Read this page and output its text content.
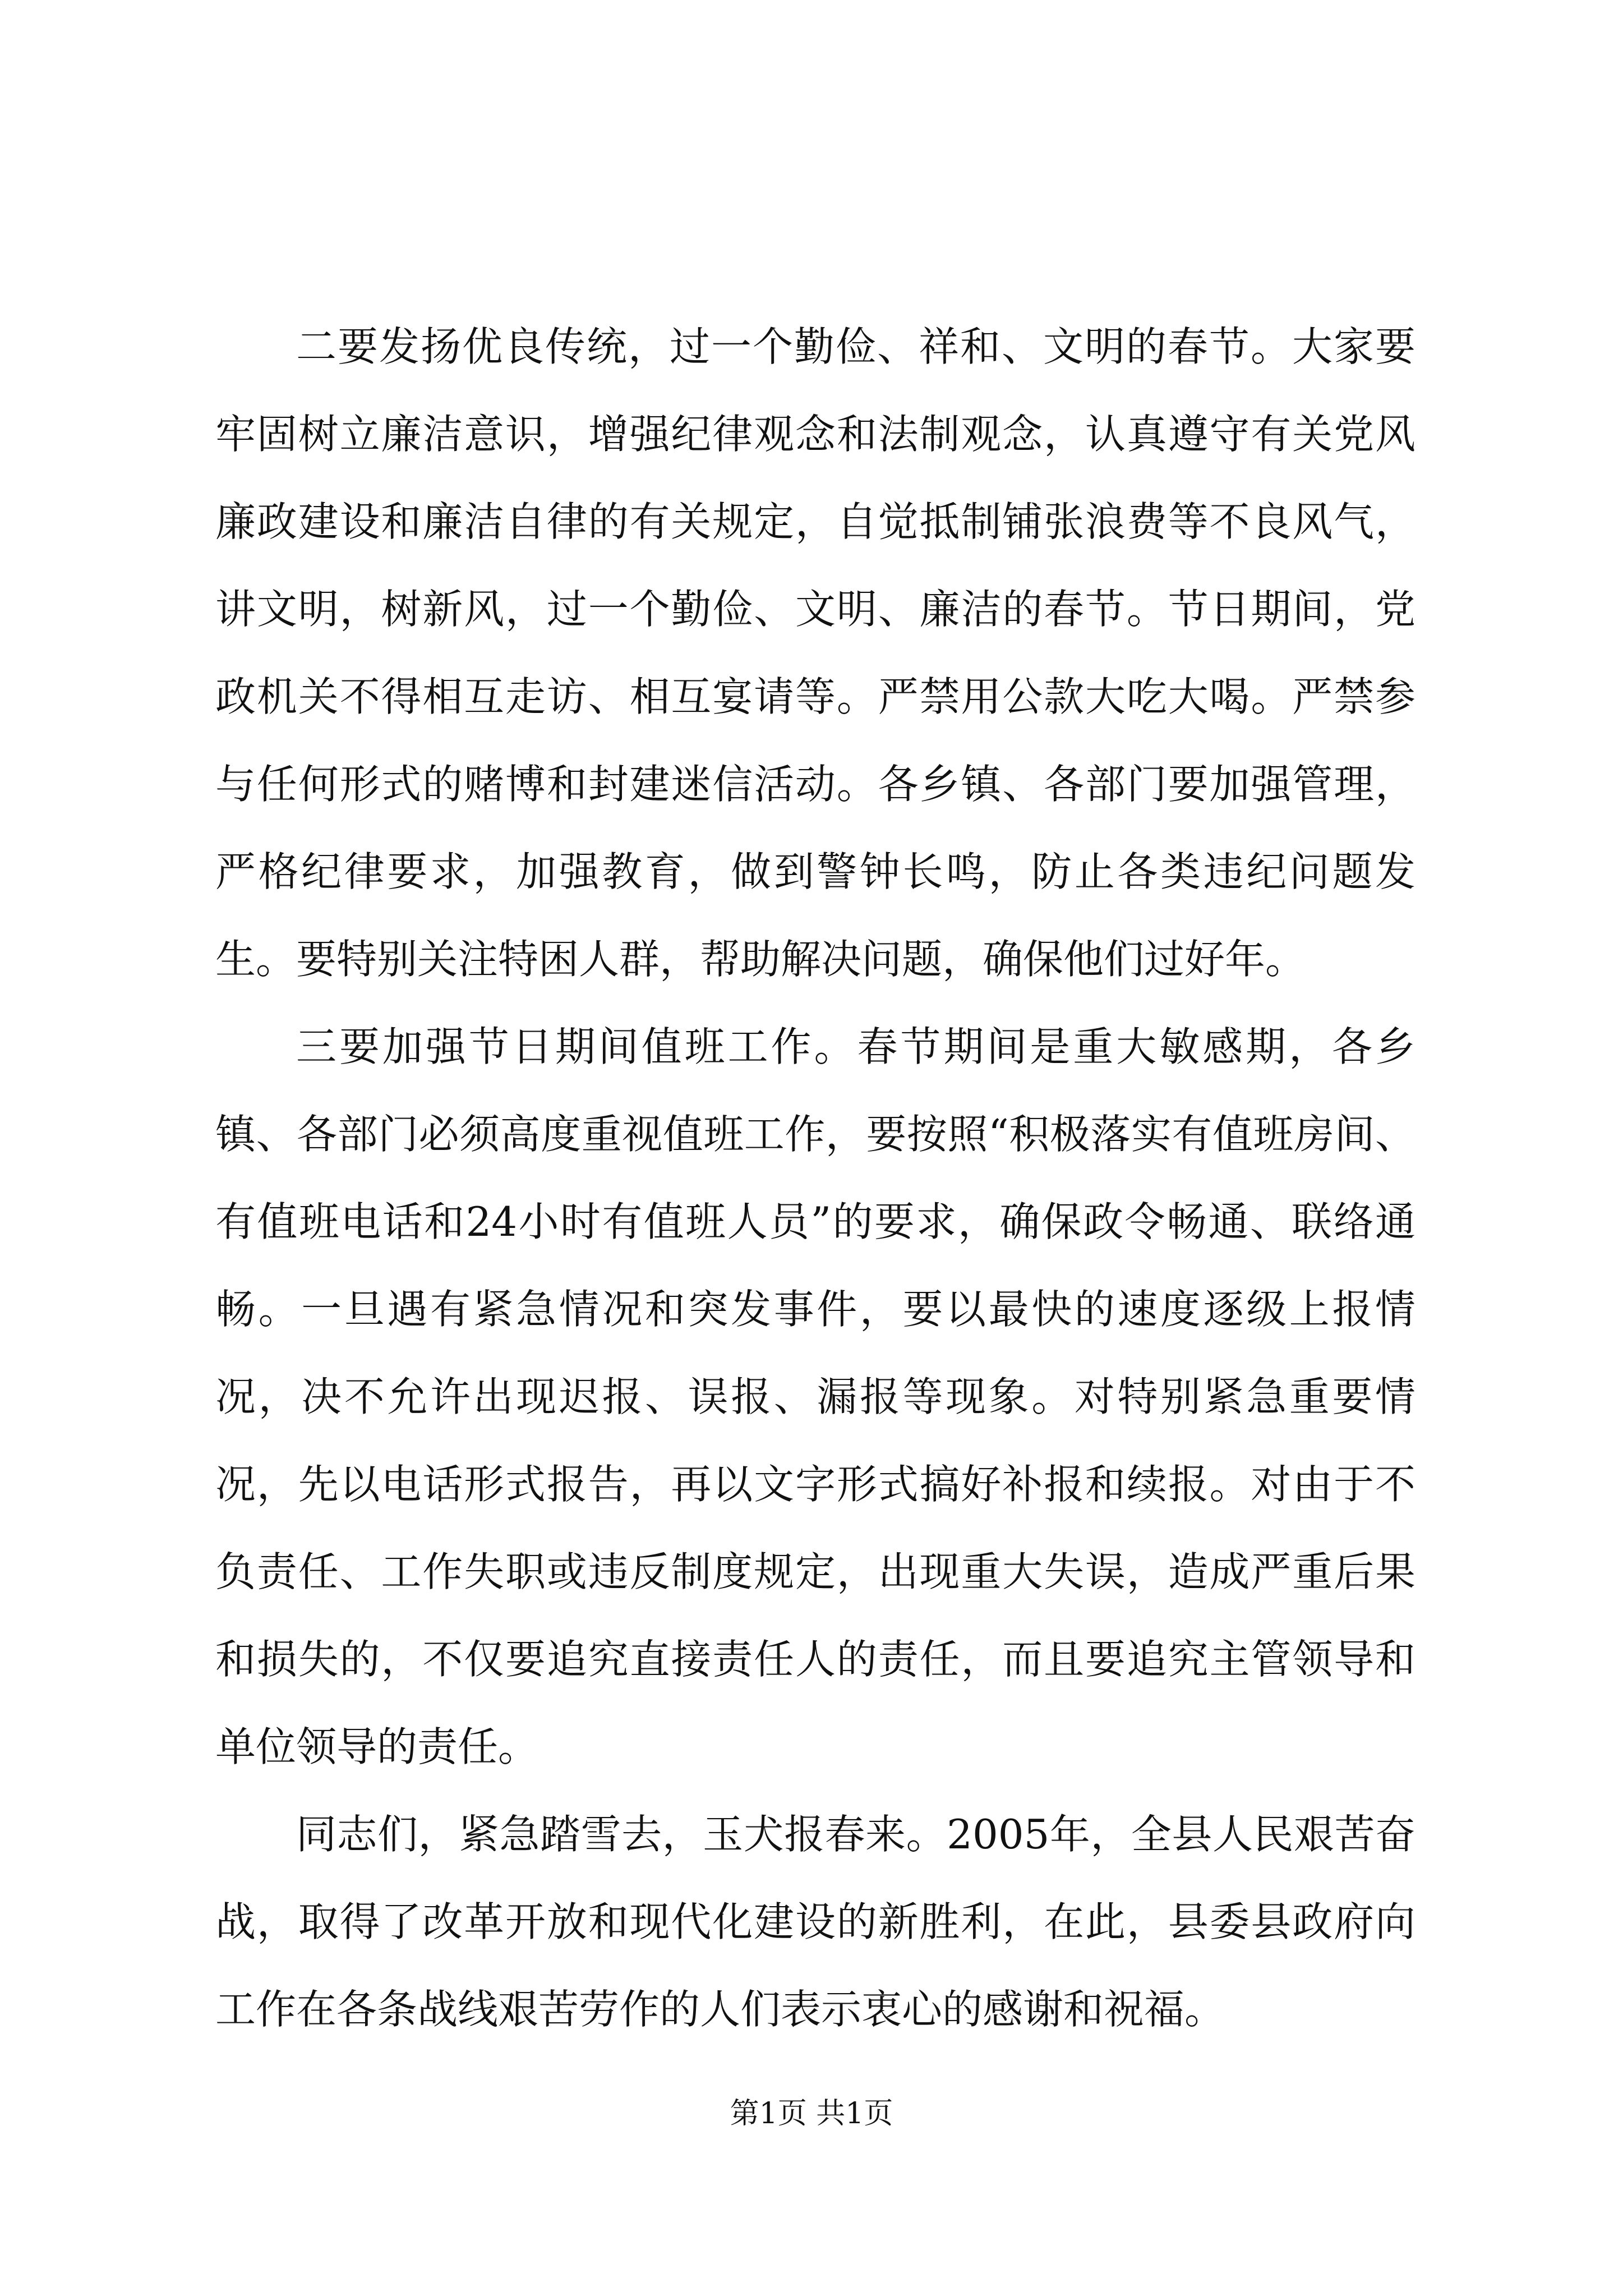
二要发扬优良传统，过一个勤俭、祥和、文明的春节。大家要牢固树立廉洁意识，增强纪律观念和法制观念，认真遵守有关党风廉政建设和廉洁自律的有关规定，自觉抵制铺张浪费等不良风气，讲文明，树新风，过一个勤俭、文明、廉洁的春节。节日期间，党政机关不得相互走访、相互宴请等。严禁用公款大吃大喝。严禁参与任何形式的赌博和封建迷信活动。各乡镇、各部门要加强管理，严格纪律要求，加强教育，做到警钟长鸣，防止各类违纪问题发生。要特别关注特困人群，帮助解决问题，确保他们过好年。

三要加强节日期间值班工作。春节期间是重大敏感期，各乡镇、各部门必须高度重视值班工作，要按照“积极落实有值班房间、有值班电话和24小时有值班人员”的要求，确保政令畅通、联络通畅。一旦遇有紧急情况和突发事件，要以最快的速度逐级上报情况，决不允许出现迟报、误报、漏报等现象。对特别紧急重要情况，先以电话形式报告，再以文字形式搞好补报和续报。对由于不负责任、工作失职或违反制度规定，出现重大失误，造成严重后果和损失的，不仅要追究直接责任人的责任，而且要追究主管领导和单位领导的责任。

同志们，紧急踏雪去，玉犬报春来。2005年，全县人民艰苦奋战，取得了改革开放和现代化建设的新胜利，在此，县委县政府向工作在各条战线艰苦劳作的人们表示衷心的感谢和祝福。

第1页 共1页
